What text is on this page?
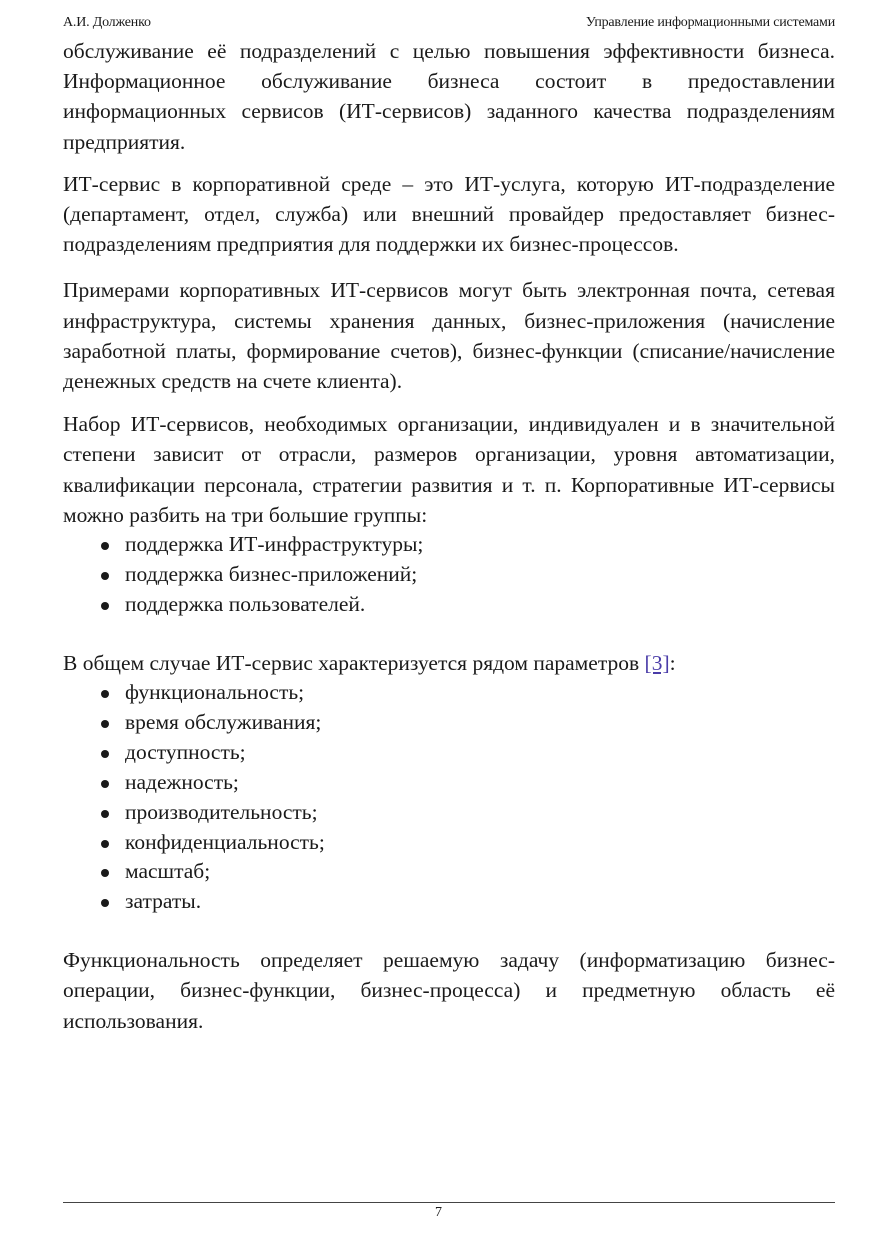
А.И. Долженко	Управление информационными системами

обслуживание её подразделений с целью повышения эффективности бизнеса. Информационное обслуживание бизнеса состоит в предоставлении информационных сервисов (ИТ-сервисов) заданного качества подразделениям предприятия.

ИТ-сервис в корпоративной среде – это ИТ-услуга, которую ИТ-подразделение (департамент, отдел, служба) или внешний провайдер предоставляет бизнес-подразделениям предприятия для поддержки их бизнес-процессов.

Примерами корпоративных ИТ-сервисов могут быть электронная почта, сетевая инфраструктура, системы хранения данных, бизнес-приложения (начисление заработной платы, формирование счетов), бизнес-функции (списание/начисление денежных средств на счете клиента).

Набор ИТ-сервисов, необходимых организации, индивидуален и в значительной степени зависит от отрасли, размеров организации, уровня автоматизации, квалификации персонала, стратегии развития и т. п. Корпоративные ИТ-сервисы можно разбить на три большие группы:

поддержка ИТ-инфраструктуры;
поддержка бизнес-приложений;
поддержка пользователей.

В общем случае ИТ-сервис характеризуется рядом параметров [3]:

функциональность;
время обслуживания;
доступность;
надежность;
производительность;
конфиденциальность;
масштаб;
затраты.

Функциональность определяет решаемую задачу (информатизацию бизнес-операции, бизнес-функции, бизнес-процесса) и предметную область её использования.

7
